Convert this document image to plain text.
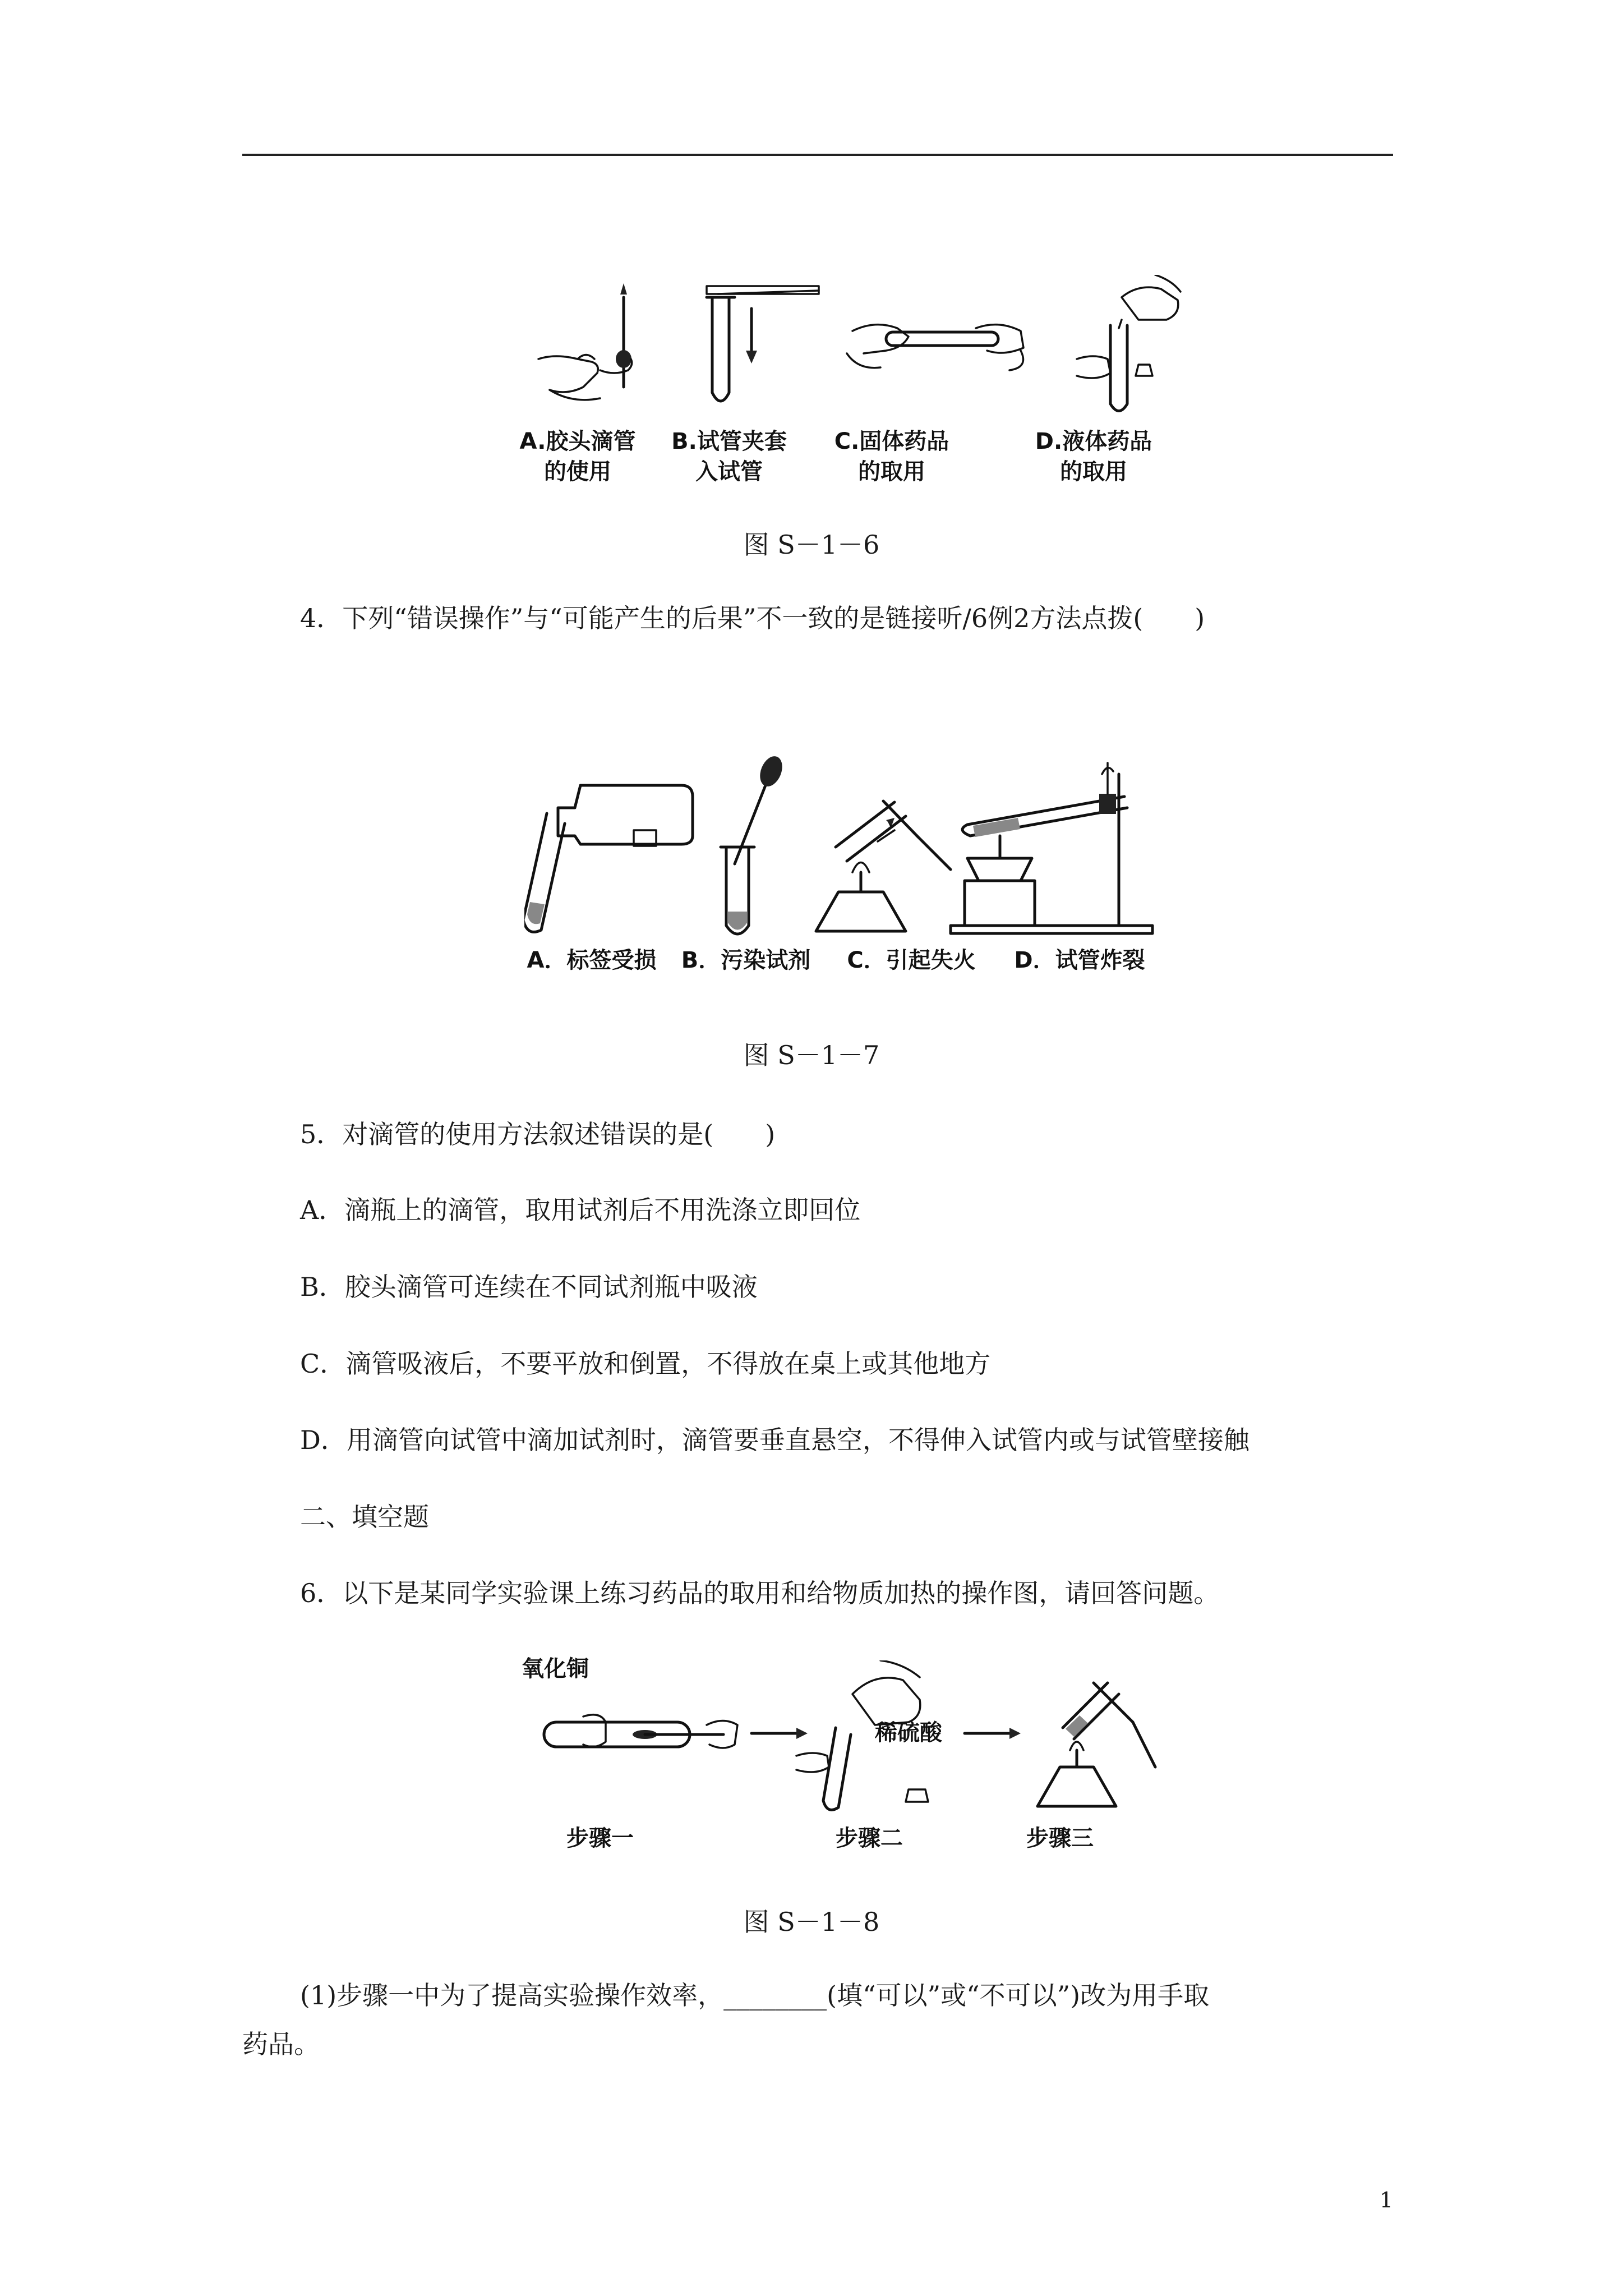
A.胶头滴管
的使用
B.试管夹套
入试管
C.固体药品
的取用
D.液体药品
的取用
图 S－1－6
4．下列“错误操作”与“可能产生的后果”不一致的是链接听/6例2方法点拨(　　)
A．标签受损 B．污染试剂 C．引起失火 D．试管炸裂
图 S－1－7
5．对滴管的使用方法叙述错误的是(　　)
A．滴瓶上的滴管，取用试剂后不用洗涤立即回位
B．胶头滴管可连续在不同试剂瓶中吸液
C．滴管吸液后，不要平放和倒置，不得放在桌上或其他地方
D．用滴管向试管中滴加试剂时，滴管要垂直悬空，不得伸入试管内或与试管壁接触
二、填空题
6．以下是某同学实验课上练习药品的取用和给物质加热的操作图，请回答问题。
氧化铜
稀硫酸
步骤一	步骤二	步骤三
图 S－1－8
(1)步骤一中为了提高实验操作效率，________(填“可以”或“不可以”)改为用手取
药品。
1
